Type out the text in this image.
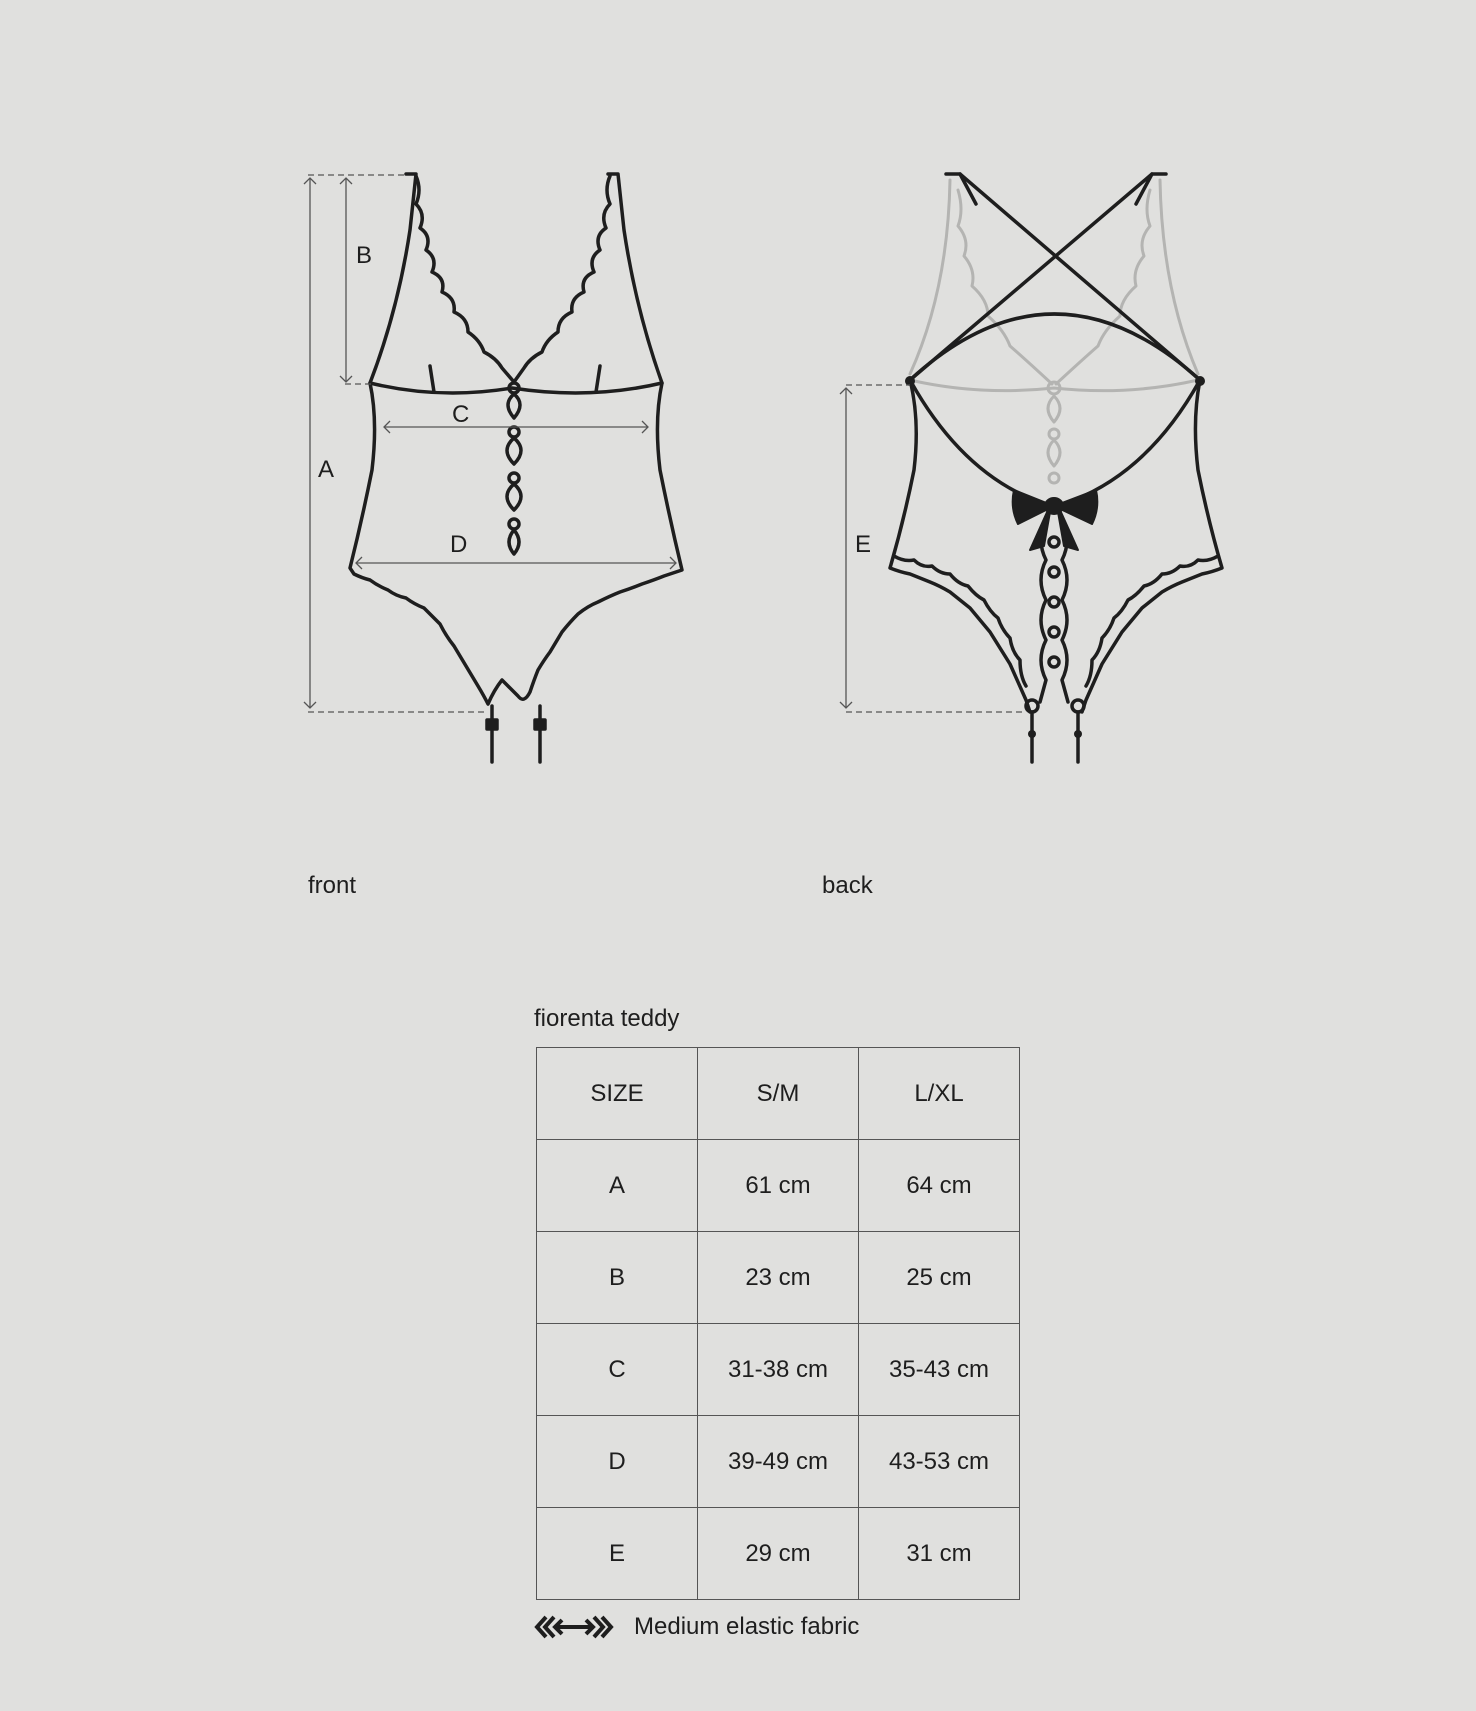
A
B
C
D	E
front	back
fiorenta teddy
SIZE	S/M	L/XL
A	61 cm	64 cm
B	23 cm	25 cm
C	31-38 cm	35-43 cm
D	39-49 cm	43-53 cm
E	29 cm	31 cm
Medium elastic fabric
